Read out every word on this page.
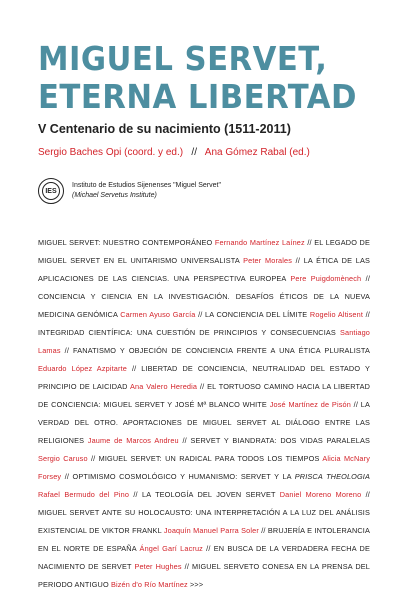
MIGUEL SERVET,
ETERNA LIBERTAD
V Centenario de su nacimiento (1511-2011)
Sergio Baches Opi (coord. y ed.) // Ana Gómez Rabal (ed.)
IES
Instituto de Estudios Sijenenses "Miguel Servet"
(Michael Servetus Institute)
MIGUEL SERVET: NUESTRO CONTEMPORÁNEO Fernando Martínez Laínez // EL LEGADO DE MIGUEL SERVET EN EL UNITARISMO UNIVERSALISTA Peter Morales // LA ÉTICA DE LAS APLICACIONES DE LAS CIENCIAS. UNA PERSPECTIVA EUROPEA Pere Puigdomènech // CONCIENCIA Y CIENCIA EN LA INVESTIGACIÓN. DESAFÍOS ÉTICOS DE LA NUEVA MEDICINA GENÓMICA Carmen Ayuso García // LA CONCIENCIA DEL LÍMITE Rogelio Altisent // INTEGRIDAD CIENTÍFICA: UNA CUESTIÓN DE PRINCIPIOS Y CONSECUENCIAS Santiago Lamas // FANATISMO Y OBJECIÓN DE CONCIENCIA FRENTE A UNA ÉTICA PLURALISTA Eduardo López Azpitarte // LIBERTAD DE CONCIENCIA, NEUTRALIDAD DEL ESTADO Y PRINCIPIO DE LAICIDAD Ana Valero Heredia // EL TORTUOSO CAMINO HACIA LA LIBERTAD DE CONCIENCIA: MIGUEL SERVET Y JOSÉ Mª BLANCO WHITE José Martínez de Pisón // LA VERDAD DEL OTRO. APORTACIONES DE MIGUEL SERVET AL DIÁLOGO ENTRE LAS RELIGIONES Jaume de Marcos Andreu // SERVET Y BIANDRATA: DOS VIDAS PARALELAS Sergio Caruso // MIGUEL SERVET: UN RADICAL PARA TODOS LOS TIEMPOS Alicia McNary Forsey // OPTIMISMO COSMOLÓGICO Y HUMANISMO: SERVET Y LA PRISCA THEOLOGIA Rafael Bermudo del Pino // LA TEOLOGÍA DEL JOVEN SERVET Daniel Moreno Moreno // MIGUEL SERVET ANTE SU HOLOCAUSTO: UNA INTERPRETACIÓN A LA LUZ DEL ANÁLISIS EXISTENCIAL DE VIKTOR FRANKL Joaquín Manuel Parra Soler // BRUJERÍA E INTOLERANCIA EN EL NORTE DE ESPAÑA Ángel Garí Lacruz // EN BUSCA DE LA VERDADERA FECHA DE NACIMIENTO DE SERVET Peter Hughes // MIGUEL SERVETO CONESA EN LA PRENSA DEL PERIODO ANTIGUO Bizén d'o Río Martínez >>>
